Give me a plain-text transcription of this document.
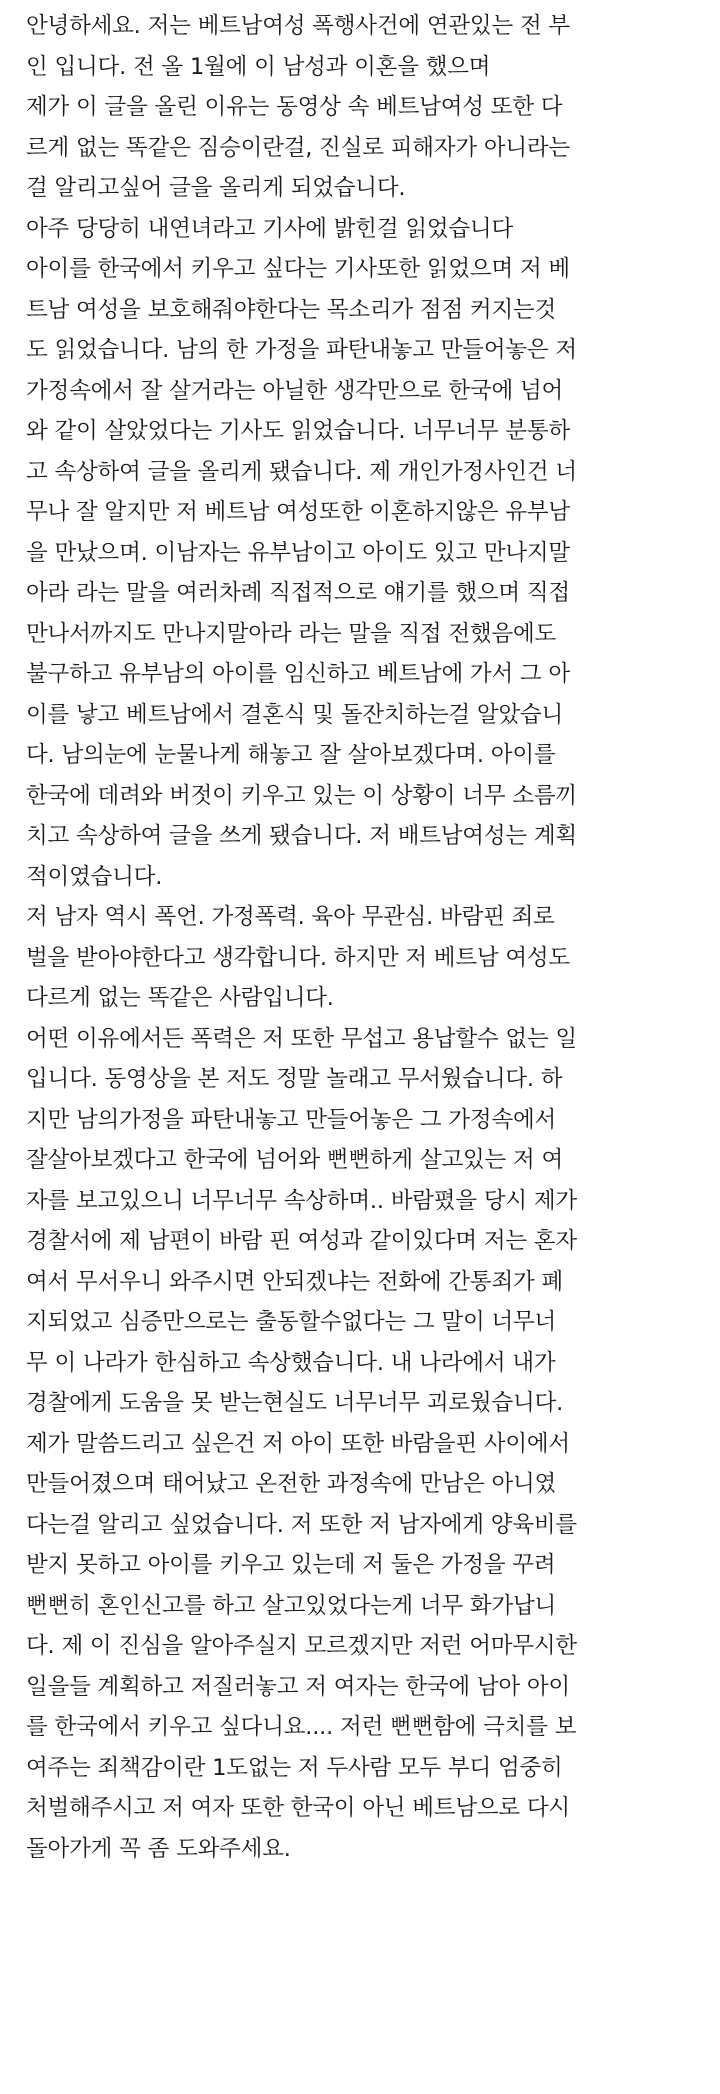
안녕하세요. 저는 베트남여성 폭행사건에 연관있는 전 부
인 입니다. 전 올 1월에 이 남성과 이혼을 했으며
제가 이 글을 올린 이유는 동영상 속 베트남여성 또한 다
르게 없는 똑같은 짐승이란걸, 진실로 피해자가 아니라는
걸 알리고싶어 글을 올리게 되었습니다.
아주 당당히 내연녀라고 기사에 밝힌걸 읽었습니다
아이를 한국에서 키우고 싶다는 기사또한 읽었으며 저 베
트남 여성을 보호해줘야한다는 목소리가 점점 커지는것
도 읽었습니다. 남의 한 가정을 파탄내놓고 만들어놓은 저
가정속에서 잘 살거라는 아닐한 생각만으로 한국에 넘어
와 같이 살았었다는 기사도 읽었습니다. 너무너무 분통하
고 속상하여 글을 올리게 됐습니다. 제 개인가정사인건 너
무나 잘 알지만 저 베트남 여성또한 이혼하지않은 유부남
을 만났으며. 이남자는 유부남이고 아이도 있고 만나지말
아라 라는 말을 여러차례 직접적으로 얘기를 했으며 직접
만나서까지도 만나지말아라 라는 말을 직접 전했음에도
불구하고 유부남의 아이를 임신하고 베트남에 가서 그 아
이를 낳고 베트남에서 결혼식 및 돌잔치하는걸 알았습니
다. 남의눈에 눈물나게 해놓고 잘 살아보겠다며. 아이를
한국에 데려와 버젓이 키우고 있는 이 상황이 너무 소름끼
치고 속상하여 글을 쓰게 됐습니다. 저 배트남여성는 계획
적이였습니다.
저 남자 역시 폭언. 가정폭력. 육아 무관심. 바람핀 죄로
벌을 받아야한다고 생각합니다. 하지만 저 베트남 여성도
다르게 없는 똑같은 사람입니다.
어떤 이유에서든 폭력은 저 또한 무섭고 용납할수 없는 일
입니다. 동영상을 본 저도 정말 놀래고 무서웠습니다. 하
지만 남의가정을 파탄내놓고 만들어놓은 그 가정속에서
잘살아보겠다고 한국에 넘어와 뻔뻔하게 살고있는 저 여
자를 보고있으니 너무너무 속상하며.. 바람폈을 당시 제가
경찰서에 제 남편이 바람 핀 여성과 같이있다며 저는 혼자
여서 무서우니 와주시면 안되겠냐는 전화에 간통죄가 폐
지되었고 심증만으로는 출동할수없다는 그 말이 너무너
무 이 나라가 한심하고 속상했습니다. 내 나라에서 내가
경찰에게 도움을 못 받는현실도 너무너무 괴로웠습니다.
제가 말씀드리고 싶은건 저 아이 또한 바람을핀 사이에서
만들어졌으며 태어났고 온전한 과정속에 만남은 아니였
다는걸 알리고 싶었습니다. 저 또한 저 남자에게 양육비를
받지 못하고 아이를 키우고 있는데 저 둘은 가정을 꾸려
뻔뻔히 혼인신고를 하고 살고있었다는게 너무 화가납니
다. 제 이 진심을 알아주실지 모르겠지만 저런 어마무시한
일을들 계획하고 저질러놓고 저 여자는 한국에 남아 아이
를 한국에서 키우고 싶다니요.... 저런 뻔뻔함에 극치를 보
여주는 죄책감이란 1도없는 저 두사람 모두 부디 엄중히
처벌해주시고 저 여자 또한 한국이 아닌 베트남으로 다시
돌아가게 꼭 좀 도와주세요.
